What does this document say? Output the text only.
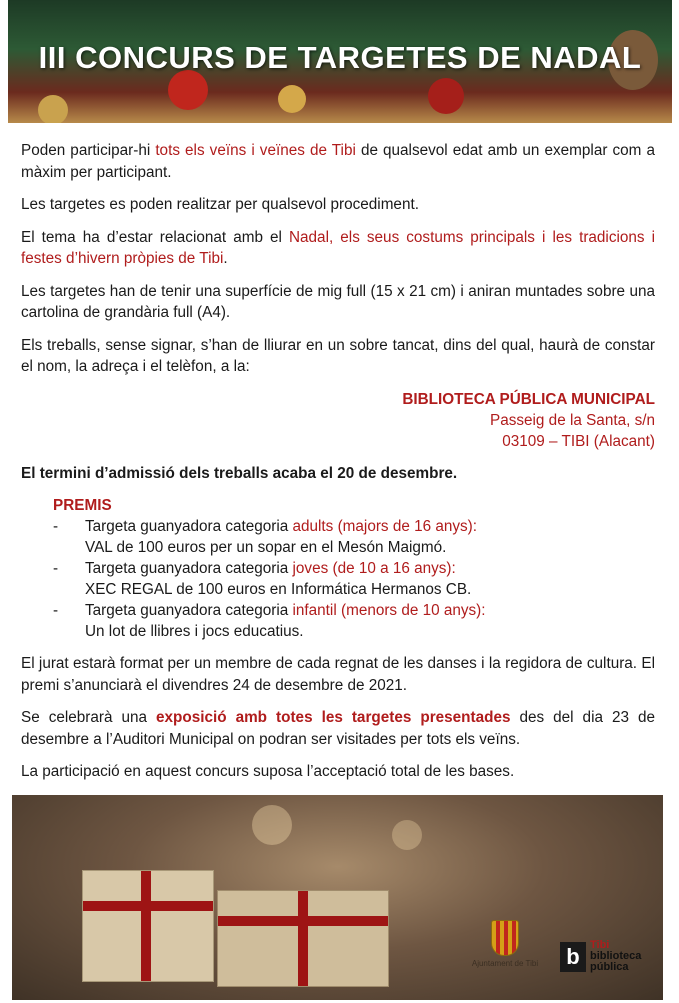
III CONCURS DE TARGETES DE NADAL

Poden participar-hi tots els veïns i veïnes de Tibi de qualsevol edat amb un exemplar com a màxim per participant.

Les targetes es poden realitzar per qualsevol procediment.

El tema ha d’estar relacionat amb el Nadal, els seus costums principals i les tradicions i festes d’hivern pròpies de Tibi.

Les targetes han de tenir una superfície de mig full (15 x 21 cm) i aniran muntades sobre una cartolina de grandària full (A4).

Els treballs, sense signar, s’han de lliurar en un sobre tancat, dins del qual, haurà de constar el nom, la adreça i el telèfon, a la:

BIBLIOTECA PÚBLICA MUNICIPAL
Passeig de la Santa, s/n
03109 – TIBI (Alacant)

El termini d’admissió dels treballs acaba el 20 de desembre.

PREMIS
- Targeta guanyadora categoria adults (majors de 16 anys):
VAL de 100 euros per un sopar en el Mesón Maigmó.
- Targeta guanyadora categoria joves (de 10 a 16 anys):
XEC REGAL de 100 euros en Informática Hermanos CB.
- Targeta guanyadora categoria infantil (menors de 10 anys):
Un lot de llibres i jocs educatius.

El jurat estarà format per un membre de cada regnat de les danses i la regidora de cultura. El premi s’anunciarà el divendres 24 de desembre de 2021.

Se celebrarà una exposició amb totes les targetes presentades des del dia 23 de desembre a l’Auditori Municipal on podran ser visitades per tots els veïns.

La participació en aquest concurs suposa l’acceptació total de les bases.

Ajuntament de Tibi b Tibi
biblioteca
pública
